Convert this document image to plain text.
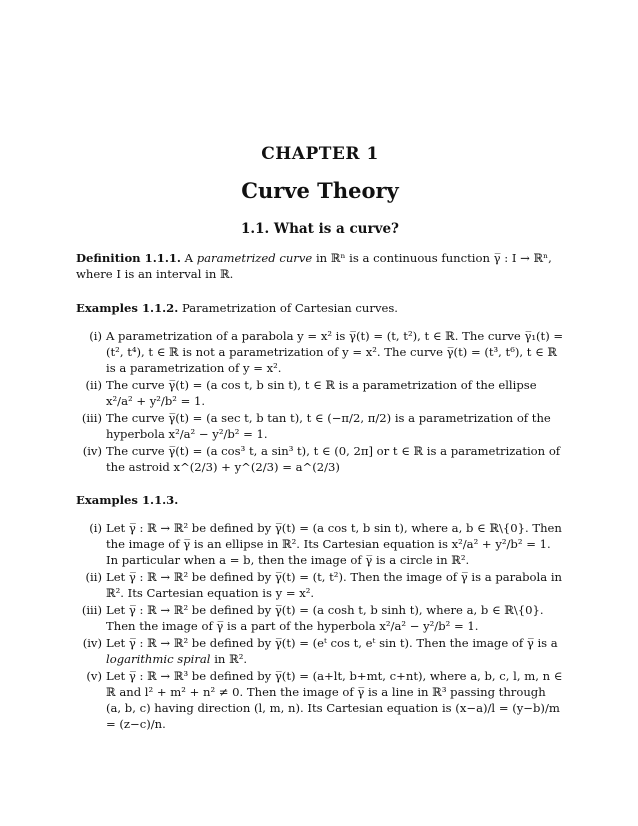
CHAPTER 1
Curve Theory
1.1. What is a curve?
Definition 1.1.1. A parametrized curve in ℝⁿ is a continuous function γ̅ : I → ℝⁿ, where I is an interval in ℝ.
Examples 1.1.2. Parametrization of Cartesian curves.
(i) A parametrization of a parabola y = x² is γ̅(t) = (t, t²), t ∈ ℝ. The curve γ̅₁(t) = (t², t⁴), t ∈ ℝ is not a parametrization of y = x². The curve γ̅(t) = (t³, t⁶), t ∈ ℝ is a parametrization of y = x².
(ii) The curve γ̅(t) = (a cos t, b sin t), t ∈ ℝ is a parametrization of the ellipse x²/a² + y²/b² = 1.
(iii) The curve γ̅(t) = (a sec t, b tan t), t ∈ (−π/2, π/2) is a parametrization of the hyperbola x²/a² − y²/b² = 1.
(iv) The curve γ̅(t) = (a cos³ t, a sin³ t), t ∈ (0, 2π] or t ∈ ℝ is a parametrization of the astroid x^(2/3) + y^(2/3) = a^(2/3)
Examples 1.1.3.
(i) Let γ̅ : ℝ → ℝ² be defined by γ̅(t) = (a cos t, b sin t), where a, b ∈ ℝ\{0}. Then the image of γ̅ is an ellipse in ℝ². Its Cartesian equation is x²/a² + y²/b² = 1. In particular when a = b, then the image of γ̅ is a circle in ℝ².
(ii) Let γ̅ : ℝ → ℝ² be defined by γ̅(t) = (t, t²). Then the image of γ̅ is a parabola in ℝ². Its Cartesian equation is y = x².
(iii) Let γ̅ : ℝ → ℝ² be defined by γ̅(t) = (a cosh t, b sinh t), where a, b ∈ ℝ\{0}. Then the image of γ̅ is a part of the hyperbola x²/a² − y²/b² = 1.
(iv) Let γ̅ : ℝ → ℝ² be defined by γ̅(t) = (eᵗ cos t, eᵗ sin t). Then the image of γ̅ is a logarithmic spiral in ℝ².
(v) Let γ̅ : ℝ → ℝ³ be defined by γ̅(t) = (a+lt, b+mt, c+nt), where a, b, c, l, m, n ∈ ℝ and l² + m² + n² ≠ 0. Then the image of γ̅ is a line in ℝ³ passing through (a, b, c) having direction (l, m, n). Its Cartesian equation is (x−a)/l = (y−b)/m = (z−c)/n.
